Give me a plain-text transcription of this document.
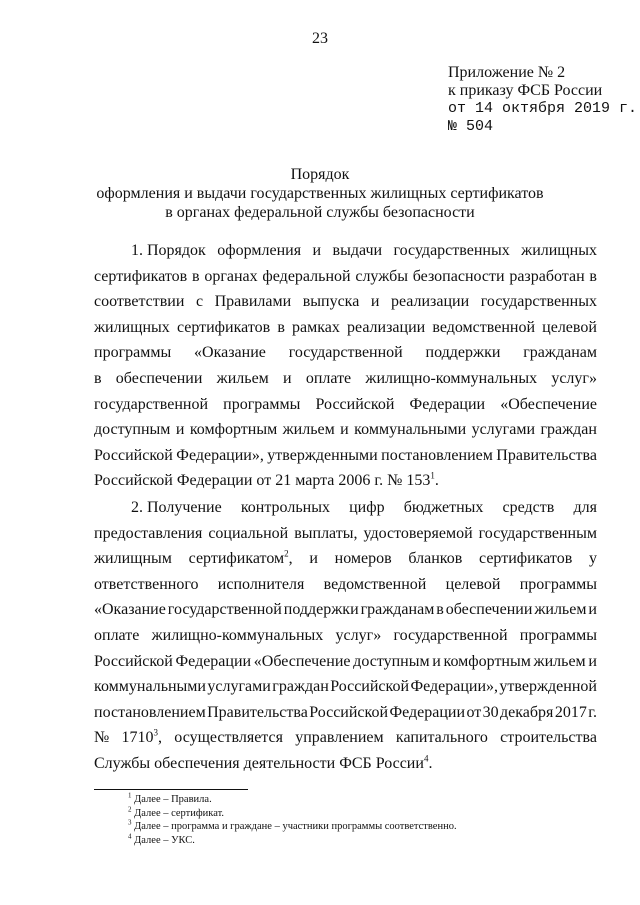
23
Приложение № 2
к приказу ФСБ России
от 14 октября 2019 г.
№ 504
Порядок
оформления и выдачи государственных жилищных сертификатов
в органах федеральной службы безопасности
1. Порядок оформления и выдачи государственных жилищных
сертификатов в органах федеральной службы безопасности разработан в
соответствии с Правилами выпуска и реализации государственных
жилищных сертификатов в рамках реализации ведомственной целевой
программы «Оказание государственной поддержки гражданам
в обеспечении жильем и оплате жилищно-коммунальных услуг»
государственной программы Российской Федерации «Обеспечение
доступным и комфортным жильем и коммунальными услугами граждан
Российской Федерации», утвержденными постановлением Правительства
Российской Федерации от 21 марта 2006 г. № $153^1$.
2. Получение контрольных цифр бюджетных средств для
предоставления социальной выплаты, удостоверяемой государственным
жилищным сертификатом$^2$, и номеров бланков сертификатов у
ответственного исполнителя ведомственной целевой программы
«Оказание государственной поддержки гражданам в обеспечении жильем и
оплате жилищно-коммунальных услуг» государственной программы
Российской Федерации «Обеспечение доступным и комфортным жильем и
коммунальными услугами граждан Российской Федерации», утвержденной
постановлением Правительства Российской Федерации от 30 декабря 2017 г.
№ 1710$^3$, осуществляется управлением капитального строительства
Службы обеспечения деятельности ФСБ России$^4$.
$^1$ Далее – Правила.
$^2$ Далее – сертификат.
$^3$ Далее – программа и граждане – участники программы соответственно.
$^4$ Далее – УКС.
